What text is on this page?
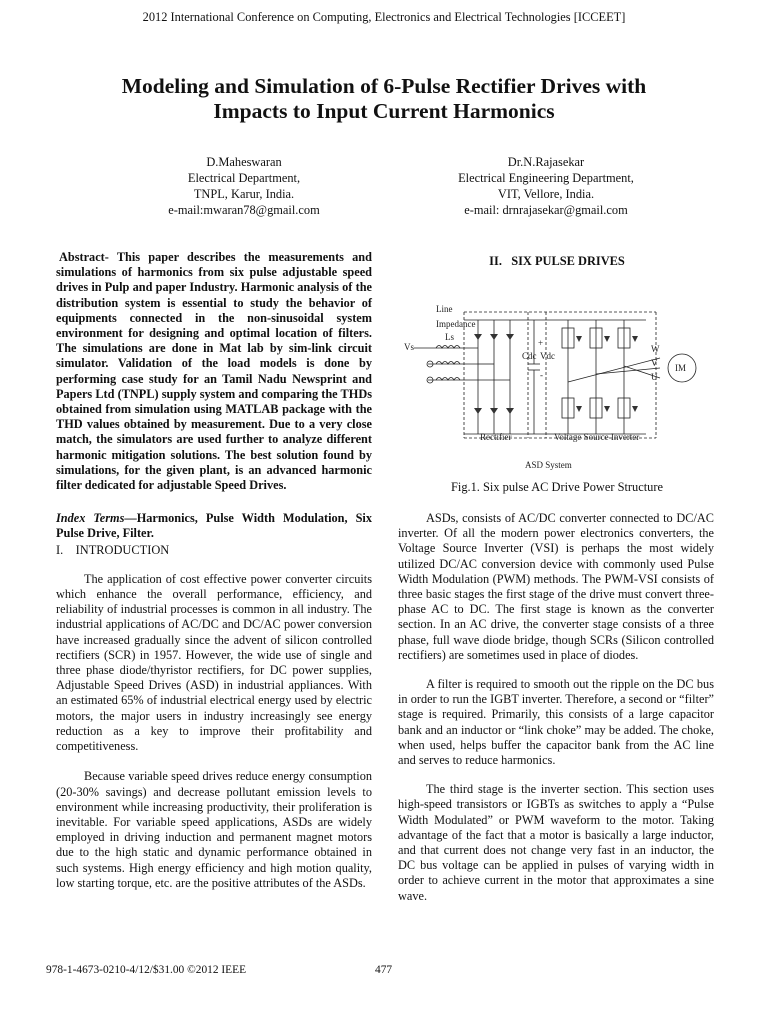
2012 International Conference on Computing, Electronics and Electrical Technologies [ICCEET]
Modeling and Simulation of 6-Pulse Rectifier Drives with
Impacts to Input Current Harmonics
D.Maheswaran
Electrical Department,
TNPL, Karur, India.
e-mail:mwaran78@gmail.com
Dr.N.Rajasekar
Electrical Engineering Department,
VIT, Vellore, India.
e-mail: drnrajasekar@gmail.com

Abstract- This paper describes the measurements and simulations of harmonics from six pulse adjustable speed drives in Pulp and paper Industry. Harmonic analysis of the distribution system is essential to study the behavior of equipments connected in the non-sinusoidal system environment for designing and optimal location of filters. The simulations are done in Mat lab by sim-link circuit simulator. Validation of the load models is done by performing case study for an Tamil Nadu Newsprint and Papers Ltd (TNPL) supply system and comparing the THDs obtained from simulation using MATLAB package with the THD values obtained by measurement. Due to a very close match, the simulators are used further to analyze different harmonic mitigation solutions. The best solution found by simulations, for the given plant, is an advanced harmonic filter dedicated for adjustable Speed Drives.

Index Terms—Harmonics, Pulse Width Modulation, Six Pulse Drive, Filter.

I.    INTRODUCTION

The application of cost effective power converter circuits which enhance the overall performance, efficiency, and reliability of industrial processes is common in all industry. The industrial applications of AC/DC and DC/AC power conversion have increased gradually since the advent of silicon controlled rectifiers (SCR) in 1957. However, the wide use of single and three phase diode/thyristor rectifiers, for DC power supplies, Adjustable Speed Drives (ASD) in industrial appliances. With an estimated 65% of industrial electrical energy used by electric motors, the major users in industry increasingly see energy reduction as a key to improve their profitability and competitiveness.

Because variable speed drives reduce energy consumption (20-30% savings) and decrease pollutant emission levels to environment while increasing productivity, their proliferation is inevitable. For variable speed applications, ASDs are widely employed in driving induction and permanent magnet motors due to the high static and dynamic performance obtained in such systems. High energy efficiency and high motion quality, low starting torque, etc. are the positive attributes of the ASDs.

II.   SIX PULSE DRIVES
Line
Impedance
Ls
Vs
Cdc Vdc
+
-
W
V
U
IM
Rectifier	Voltage Source Inverter
ASD System
Fig.1. Six pulse AC Drive Power Structure

ASDs, consists of AC/DC converter connected to DC/AC inverter. Of all the modern power electronics converters, the Voltage Source Inverter (VSI) is perhaps the most widely utilized DC/AC conversion device with commonly used Pulse Width Modulation (PWM) methods. The PWM-VSI consists of three basic stages the first stage of the drive must convert three-phase AC to DC. The first stage is known as the converter section. In an AC drive, the converter stage consists of a three phase, full wave diode bridge, though SCRs (Silicon controlled rectifiers) are sometimes used in place of diodes.

A filter is required to smooth out the ripple on the DC bus in order to run the IGBT inverter. Therefore, a second or “filter” stage is required. Primarily, this consists of a large capacitor bank and an inductor or “link choke” may be added. The choke, when used, helps buffer the capacitor bank from the AC line and serves to reduce harmonics.

The third stage is the inverter section. This section uses high-speed transistors or IGBTs as switches to apply a “Pulse Width Modulated” or PWM waveform to the motor. Taking advantage of the fact that a motor is basically a large inductor, and that current does not change very fast in an inductor, the DC bus voltage can be applied in pulses of varying width in order to achieve current in the motor that approximates a sine wave.

978-1-4673-0210-4/12/$31.00 ©2012 IEEE	477
